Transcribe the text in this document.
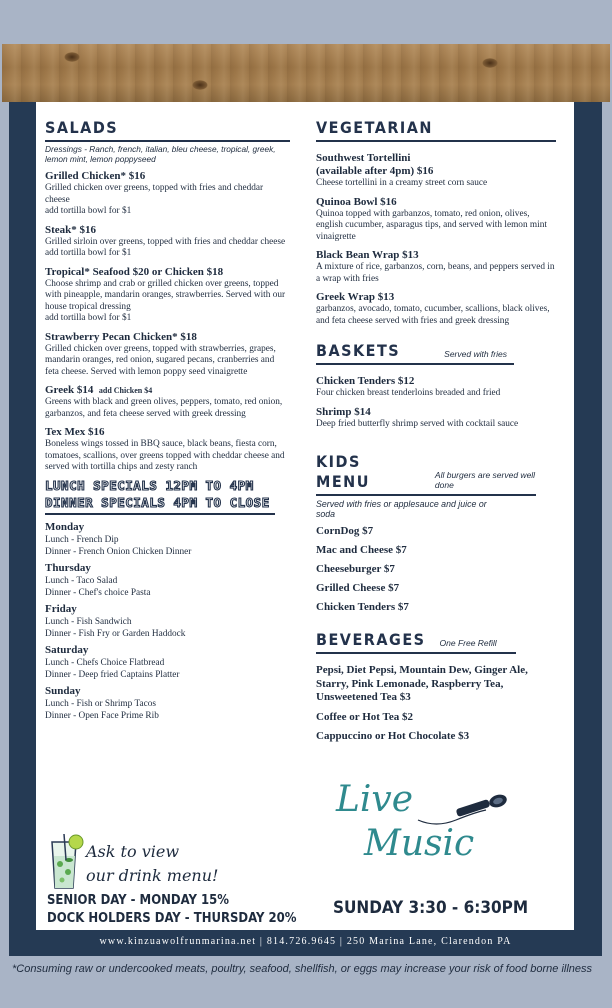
SALADS
Dressings - Ranch, french, italian, bleu cheese, tropical, greek, lemon mint, lemon poppyseed
Grilled Chicken* $16
Grilled chicken over greens, topped with fries and cheddar cheese
add tortilla bowl for $1
Steak* $16
Grilled sirloin over greens, topped with fries and cheddar cheese
add tortilla bowl for $1
Tropical* Seafood $20 or Chicken $18
Choose shrimp and crab or grilled chicken over greens, topped with pineapple, mandarin oranges, strawberries. Served with our house tropical dressing
add tortilla bowl for $1
Strawberry Pecan Chicken* $18
Grilled chicken over greens, topped with strawberries, grapes, mandarin oranges, red onion, sugared pecans, cranberries and feta cheese. Served with lemon poppy seed vinaigrette
Greek $14 add Chicken $4
Greens with black and green olives, peppers, tomato, red onion, garbanzos, and feta cheese served with greek dressing
Tex Mex $16
Boneless wings tossed in BBQ sauce, black beans, fiesta corn, tomatoes, scallions, over greens topped with cheddar cheese and served with tortilla chips and zesty ranch
LUNCH SPECIALS 12PM TO 4PM
DINNER SPECIALS 4PM TO CLOSE
Monday
Lunch - French Dip
Dinner - French Onion Chicken Dinner
Thursday
Lunch - Taco Salad
Dinner - Chef's choice Pasta
Friday
Lunch - Fish Sandwich
Dinner - Fish Fry or Garden Haddock
Saturday
Lunch - Chefs Choice Flatbread
Dinner - Deep fried Captains Platter
Sunday
Lunch - Fish or Shrimp Tacos
Dinner - Open Face Prime Rib
Ask to view
our drink menu!
SENIOR DAY - MONDAY 15%
DOCK HOLDERS DAY - THURSDAY 20%
VEGETARIAN
Southwest Tortellini
(available after 4pm) $16
Cheese tortellini in a creamy street corn sauce
Quinoa Bowl $16
Quinoa topped with garbanzos, tomato, red onion, olives, english cucumber, asparagus tips, and served with lemon mint vinaigrette
Black Bean Wrap $13
A mixture of rice, garbanzos, corn, beans, and peppers served in a wrap with fries
Greek Wrap $13
garbanzos, avocado, tomato, cucumber, scallions, black olives, and feta cheese served with fries and greek dressing
BASKETS	Served with fries
Chicken Tenders $12
Four chicken breast tenderloins breaded and fried
Shrimp $14
Deep fried butterfly shrimp served with cocktail sauce
KIDS MENU	All burgers are served well done
Served with fries or applesauce and juice or soda
CornDog $7
Mac and Cheese $7
Cheeseburger $7
Grilled Cheese $7
Chicken Tenders $7
BEVERAGES One Free Refill
Pepsi, Diet Pepsi, Mountain Dew, Ginger Ale, Starry, Pink Lemonade, Raspberry Tea, Unsweetened Tea $3
Coffee or Hot Tea $2
Cappuccino or Hot Chocolate $3
Live
Music
SUNDAY 3:30 - 6:30PM
www.kinzuawolfrunmarina.net | 814.726.9645 | 250 Marina Lane, Clarendon PA
*Consuming raw or undercooked meats, poultry, seafood, shellfish, or eggs may increase your risk of food borne illness
